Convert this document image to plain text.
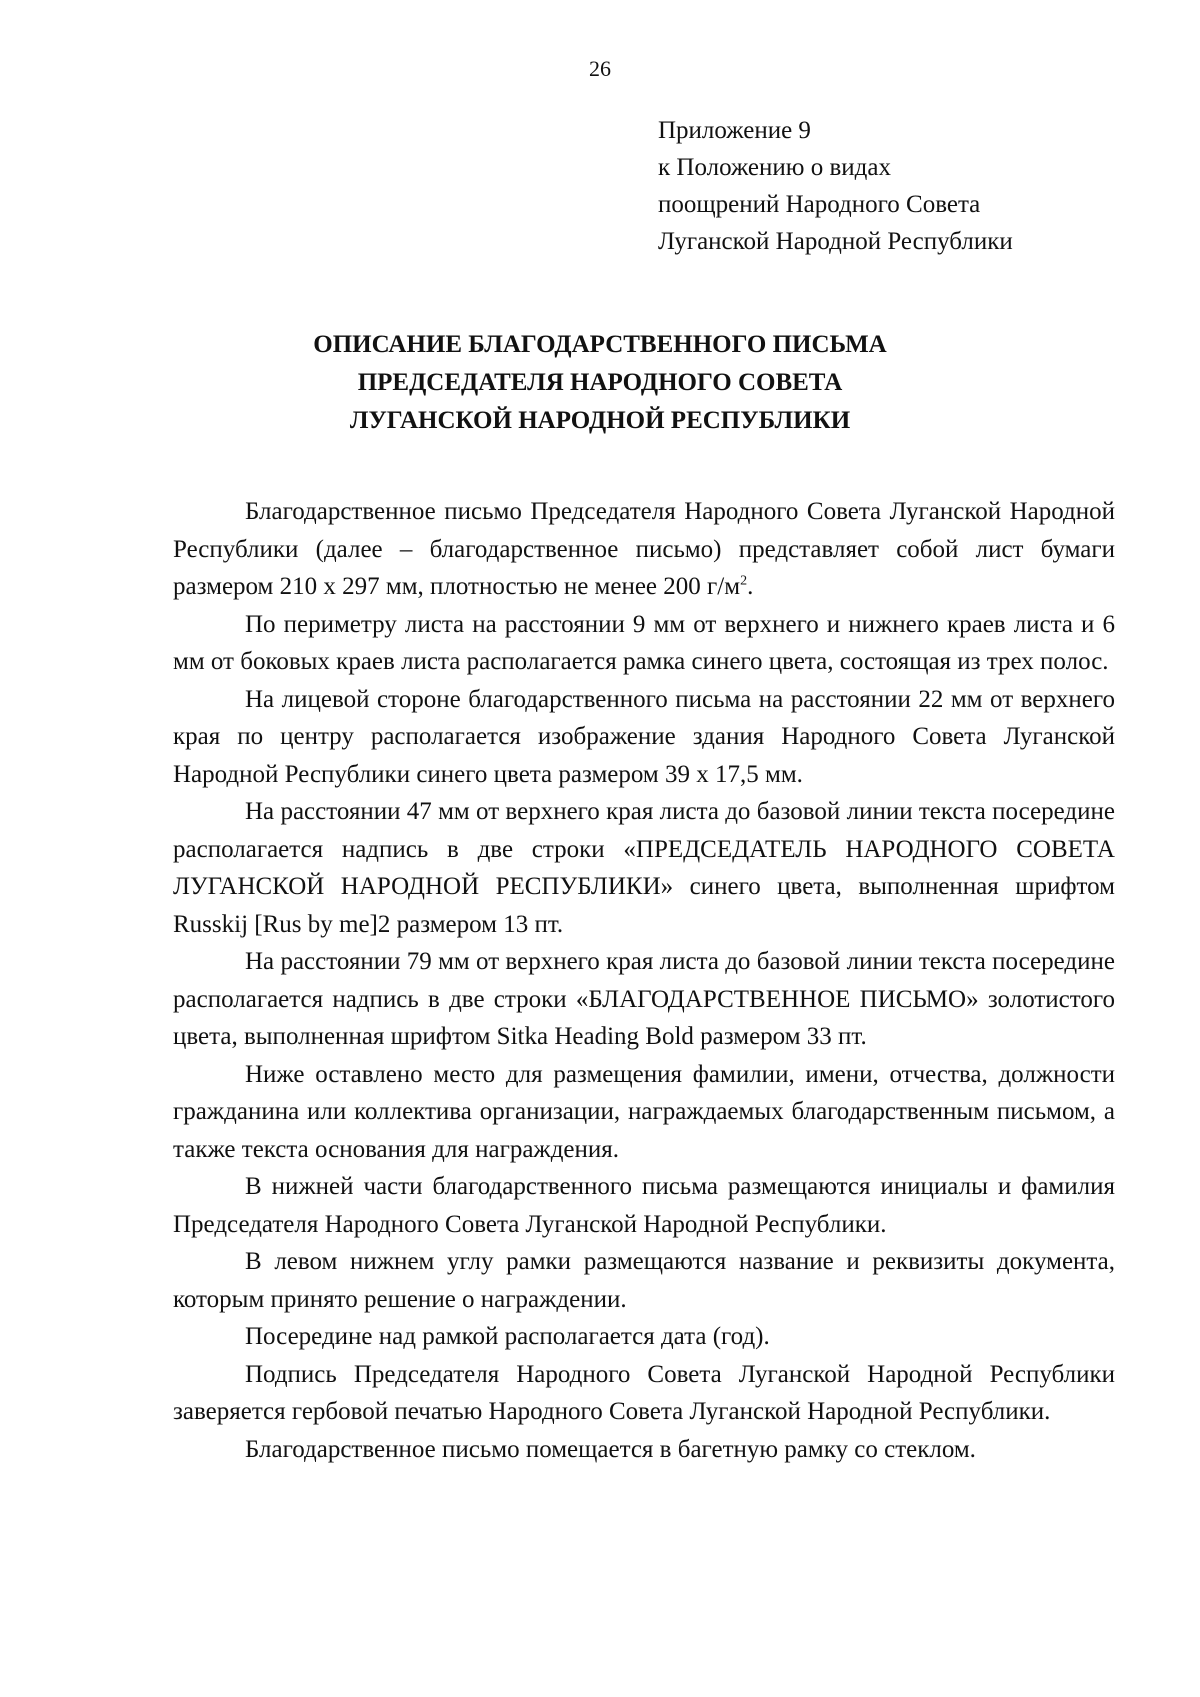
26
Приложение 9
к Положению о видах
поощрений Народного Совета
Луганской Народной Республики
ОПИСАНИЕ БЛАГОДАРСТВЕННОГО ПИСЬМА
ПРЕДСЕДАТЕЛЯ НАРОДНОГО СОВЕТА
ЛУГАНСКОЙ НАРОДНОЙ РЕСПУБЛИКИ

Благодарственное письмо Председателя Народного Совета Луганской Народной Республики (далее – благодарственное письмо) представляет собой лист бумаги размером 210 х 297 мм, плотностью не менее 200 $г/м^2$.

По периметру листа на расстоянии 9 мм от верхнего и нижнего краев листа и 6 мм от боковых краев листа располагается рамка синего цвета, состоящая из трех полос.

На лицевой стороне благодарственного письма на расстоянии 22 мм от верхнего края по центру располагается изображение здания Народного Совета Луганской Народной Республики синего цвета размером 39 х 17,5 мм.

На расстоянии 47 мм от верхнего края листа до базовой линии текста посередине располагается надпись в две строки «ПРЕДСЕДАТЕЛЬ НАРОДНОГО СОВЕТА ЛУГАНСКОЙ НАРОДНОЙ РЕСПУБЛИКИ» синего цвета, выполненная шрифтом Russkij [Rus by me]2 размером 13 пт.

На расстоянии 79 мм от верхнего края листа до базовой линии текста посередине располагается надпись в две строки «БЛАГОДАРСТВЕННОЕ ПИСЬМО» золотистого цвета, выполненная шрифтом Sitka Heading Bold размером 33 пт.

Ниже оставлено место для размещения фамилии, имени, отчества, должности гражданина или коллектива организации, награждаемых благодарственным письмом, а также текста основания для награждения.

В нижней части благодарственного письма размещаются инициалы и фамилия Председателя Народного Совета Луганской Народной Республики.

В левом нижнем углу рамки размещаются название и реквизиты документа, которым принято решение о награждении.

Посередине над рамкой располагается дата (год).

Подпись Председателя Народного Совета Луганской Народной Республики заверяется гербовой печатью Народного Совета Луганской Народной Республики.

Благодарственное письмо помещается в багетную рамку со стеклом.
